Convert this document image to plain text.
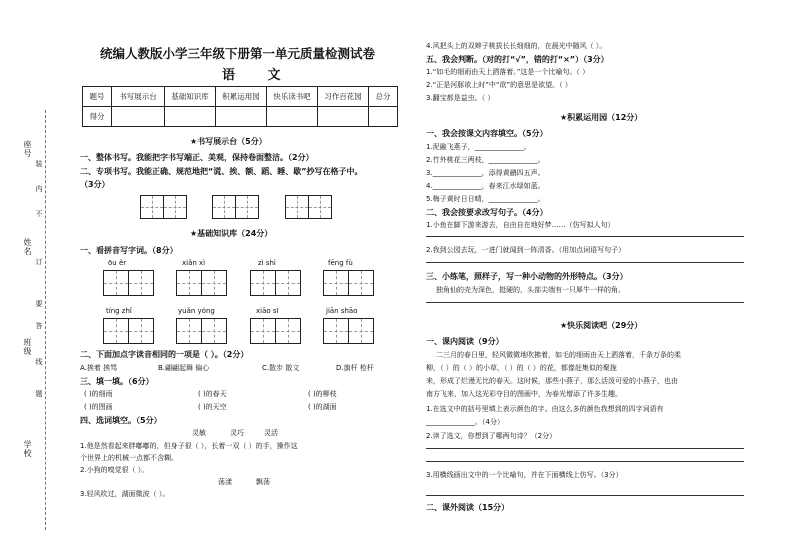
座号
姓名
班级
学校
装
订
线
内
不
要
答
题
统编人教版小学三年级下册第一单元质量检测试卷
语 文
题号	书写展示台	基础知识库	积累运用园	快乐读书吧	习作百花园	总分
得分						
★书写展示台（5分）
一、整体书写。我能把字书写端正、美观，保持卷面整洁。（2分）
二、专项书写。我能正确、规范地把“谎、挨、额、蹈、睡、歇”抄写在格子中。
（3分）
★基础知识库（24分）
一、看拼音写字词。（8分）
ōu ěr	xiǎn xì	zì shì	fēng fù
tíng zhǐ	yuǎn yóng	xiāo sī	jiān shāo
二、下面加点字读音相同的一项是（ ）。（2分）
A.挨着 挨骂	B.翩翩起舞 偏心	C.散步 散文	D.旗杆 枪杆
三、填一填。（6分）
( )的细雨	( )的春天	( )的柳枝
( )的图画	( )的天空	( )的湖面
四、选词填空。（5分）
灵敏	灵巧	灵活
1.他是然看起来胖嘟嘟的，但身子很（ ），长着一双（ ）的手，操作这
个世界上的机械一点都不含糊。
2.小狗的嗅觉很（ ）。
荡漾	飘荡
3.轻风吹过，湖面微波（ ）。
4.风把头上的双辫子桃拔长长细细的，在晨光中随风（ ）。
五、我会判断。（对的打“√”，错的打“×”）（3分）
1.“如毛的细雨由天上洒落着。”这是一个比喻句。（ ）
2.“正是河豚欲上时”中“欲”的意思是欲望。（ ）
3.翻宝都是益虫。（ ）
★积累运用园（12分）
一、我会按课文内容填空。（5分）
1.泥融飞燕子，______________。
2.竹外桃花三两枝，______________。
3.______________，添得黄鹂四五声。
4.______________，春来江水绿如蓝。
5.梅子黄时日日晴，______________。
二、我会按要求改写句子。（4分）
1.小鱼在脚下游来游去，自由自在地好梦……（仿写拟人句）
2.我到公园去玩，一进门就闻到一阵清香。（用加点词语写句子）
三、小练笔，照样子，写一种小动物的外形特点。（3分）
独角仙的壳为深色，挺硬的，头部尖端有一只犀牛一样的角。
★快乐阅读吧（29分）
一、课内阅读（9分）
二三月的春日里，轻风微微地吹拂着，如毛的细雨由天上洒落着，千条万条的柔
柳，（ ）的（ ）的小草，（ ）的（ ）的花，都像赶集似的聚拢
来，形成了烂漫无比的春天。这时候，那些小燕子，那么活泼可爱的小燕子，也由
南方飞来，加入这光彩夺目的图画中，为春光增添了许多生趣。
1.在选文中的括号里填上表示颜色的字。由这么多的颜色我想到的四字词语有
______________。（4分）
2.读了选文，你想到了哪两句诗？（2分）
3.用横线画出文中的一个比喻句，并在下面横线上仿写。（3分）
二、课外阅读（15分）
